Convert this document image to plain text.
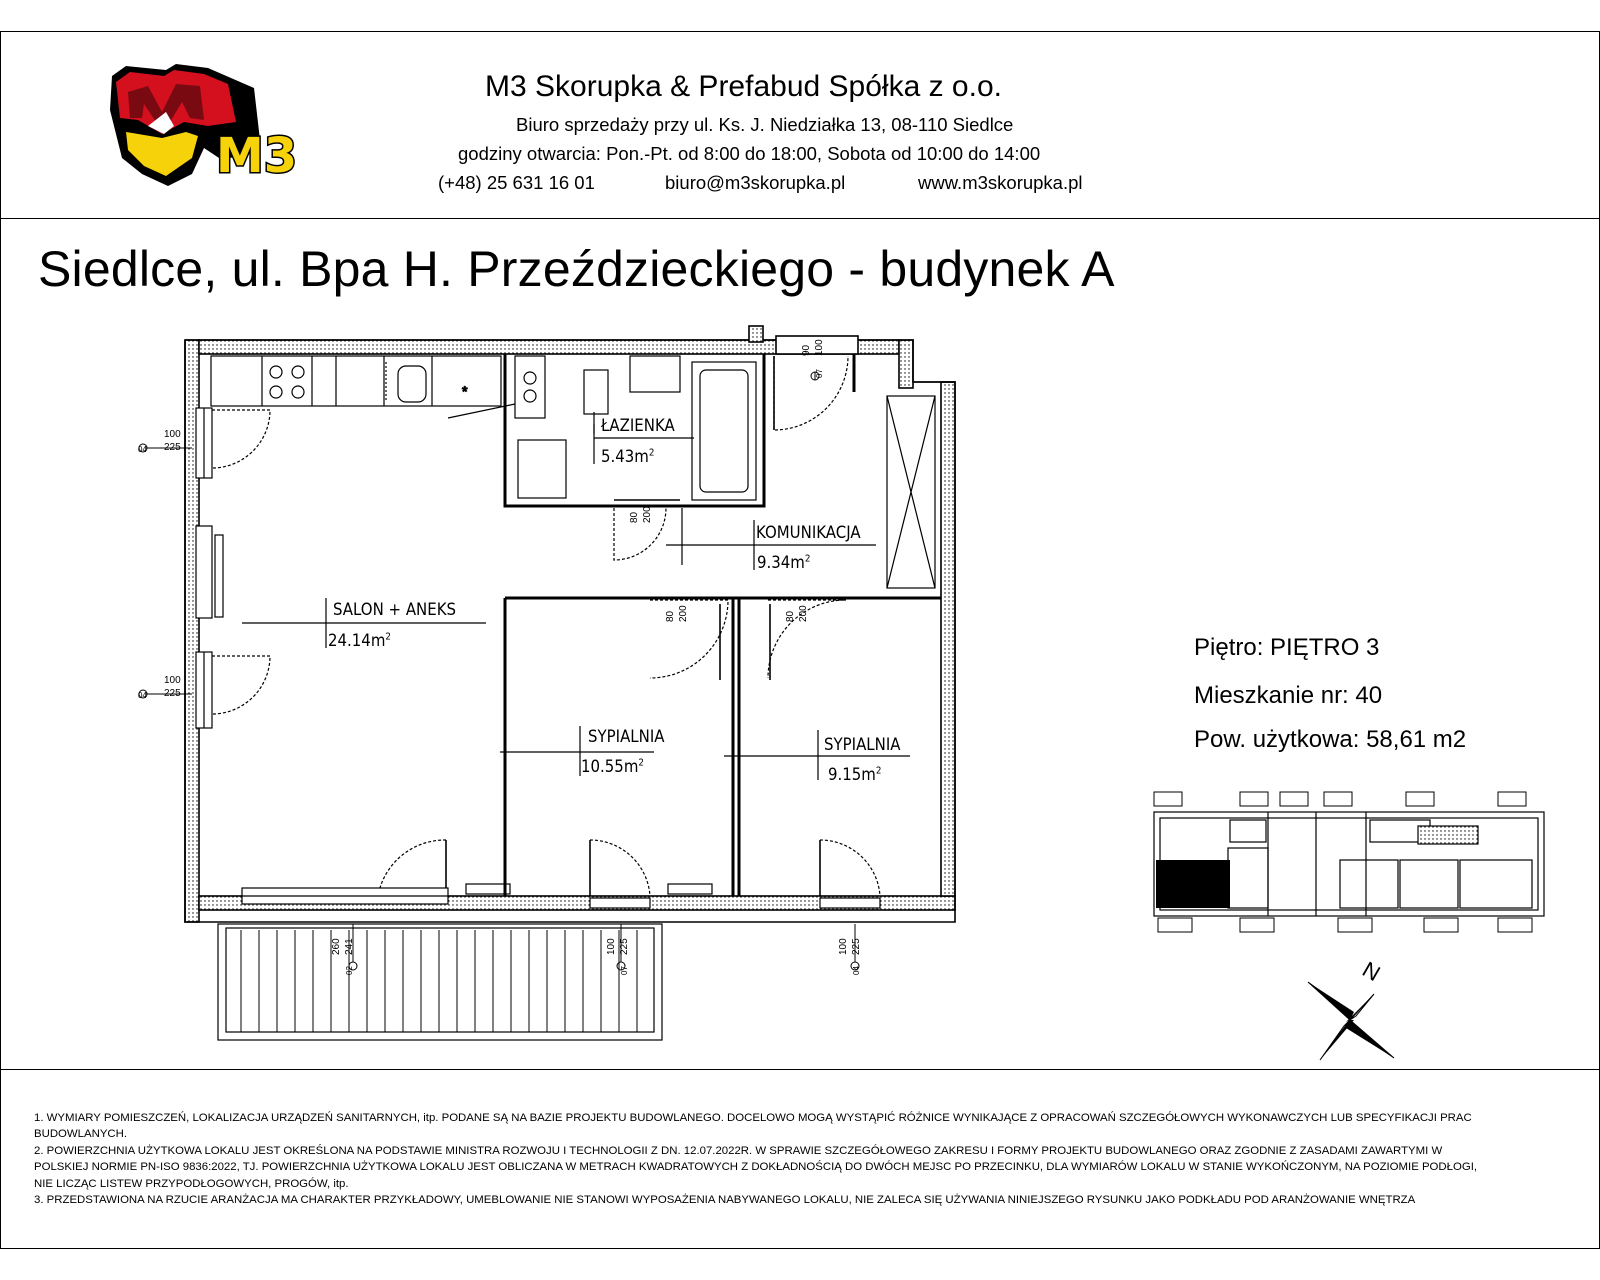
M3
M3 Skorupka & Prefabud Spółka z o.o.
Biuro sprzedaży przy ul. Ks. J. Niedziałka 13, 08-110 Siedlce
godziny otwarcia: Pon.-Pt. od 8:00 do 18:00, Sobota od 10:00 do 14:00
(+48) 25 631 16 01	biuro@m3skorupka.pl	www.m3skorupka.pl
Siedlce, ul. Bpa H. Przeździeckiego - budynek A
*
ŁAZIENKA
$5.43m^2$
KOMUNIKACJA
$9.34m^2$
SALON + ANEKS
$24.14m^2$
SYPIALNIA
$10.55m^2$
SYPIALNIA
$9.15m^2$
100
225
04
100
225
04
260 241
02
100 225
07
100 225
04
90 100
07
80 200
80 200	80 200
Piętro: PIĘTRO 3
Mieszkanie nr: 40
Pow. użytkowa: 58,61 m2
N

1. WYMIARY POMIESZCZEŃ, LOKALIZACJA URZĄDZEŃ SANITARNYCH, itp. PODANE SĄ NA BAZIE PROJEKTU BUDOWLANEGO. DOCELOWO MOGĄ WYSTĄPIĆ RÓŻNICE WYNIKAJĄCE Z OPRACOWAŃ SZCZEGÓŁOWYCH WYKONAWCZYCH LUB SPECYFIKACJI PRAC BUDOWLANYCH.

2. POWIERZCHNIA UŻYTKOWA LOKALU JEST OKREŚLONA NA PODSTAWIE MINISTRA ROZWOJU I TECHNOLOGII Z DN. 12.07.2022R. W SPRAWIE SZCZEGÓŁOWEGO ZAKRESU I FORMY PROJEKTU BUDOWLANEGO ORAZ ZGODNIE Z ZASADAMI ZAWARTYMI W POLSKIEJ NORMIE PN-ISO 9836:2022, TJ. POWIERZCHNIA UŻYTKOWA LOKALU JEST OBLICZANA W METRACH KWADRATOWYCH Z DOKŁADNOŚCIĄ DO DWÓCH MEJSC PO PRZECINKU, DLA WYMIARÓW LOKALU W STANIE WYKOŃCZONYM, NA POZIOMIE PODŁOGI, NIE LICZĄC LISTEW PRZYPODŁOGOWYCH, PROGÓW, itp.

3. PRZEDSTAWIONA NA RZUCIE ARANŻACJA MA CHARAKTER PRZYKŁADOWY, UMEBLOWANIE NIE STANOWI WYPOSAŻENIA NABYWANEGO LOKALU, NIE ZALECA SIĘ UŻYWANIA NINIEJSZEGO RYSUNKU JAKO PODKŁADU POD ARANŻOWANIE WNĘTRZA
